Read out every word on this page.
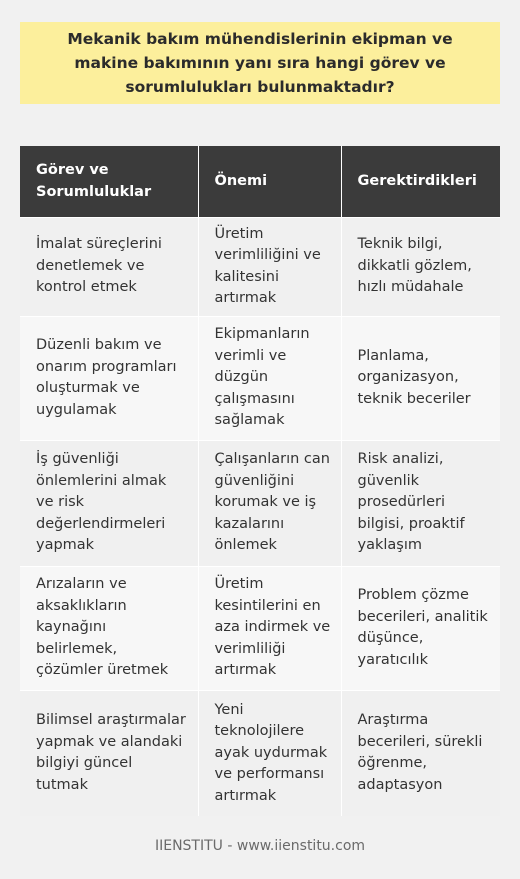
Mekanik bakım mühendislerinin ekipman ve makine bakımının yanı sıra hangi görev ve sorumlulukları bulunmaktadır?
Görev ve Sorumluluklar	Önemi	Gerektirdikleri
İmalat süreçlerini denetlemek ve kontrol etmek	Üretim verimliliğini ve kalitesini artırmak	Teknik bilgi, dikkatli gözlem, hızlı müdahale
Düzenli bakım ve onarım programları oluşturmak ve uygulamak	Ekipmanların verimli ve düzgün çalışmasını sağlamak	Planlama, organizasyon, teknik beceriler
İş güvenliği önlemlerini almak ve risk değerlendirmeleri yapmak	Çalışanların can güvenliğini korumak ve iş kazalarını önlemek	Risk analizi, güvenlik prosedürleri bilgisi, proaktif yaklaşım
Arızaların ve aksaklıkların kaynağını belirlemek, çözümler üretmek	Üretim kesintilerini en aza indirmek ve verimliliği artırmak	Problem çözme becerileri, analitik düşünce, yaratıcılık
Bilimsel araştırmalar yapmak ve alandaki bilgiyi güncel tutmak	Yeni teknolojilere ayak uydurmak ve performansı artırmak	Araştırma becerileri, sürekli öğrenme, adaptasyon
IIENSTITU - www.iienstitu.com
